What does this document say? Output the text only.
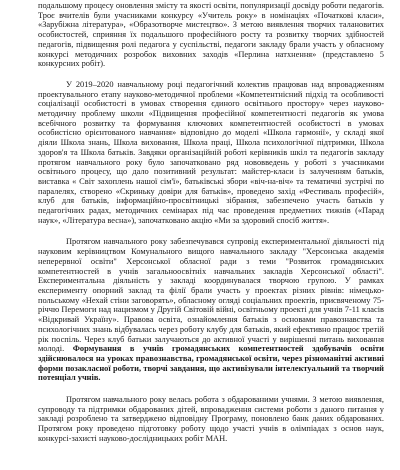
подальшому процесу оновлення змісту та якості освіти, популяризації досвіду роботи педагогів. Троє вчителів були учасниками конкурсу «Учитель року» в номінаціях «Початкові класи», «Зарубіжна література», «Образотворче мистецтво». З метою виявлення творчих талановитих особистостей, сприяння їх подальшого професійного росту та розвитку творчих здібностей педагогів, підвищення ролі педагога у суспільстві, педагоги закладу брали участь у обласному конкурсі методичних розробок виховних заходів «Перлина натхнення» (представлено 5 конкурсних робіт).

У 2019–2020 навчальному році педагогічний колектив працював над впровадженням проектувального етапу науково-методичної проблеми «Компетентнісний підхід та особливості соціалізації особистості в умовах створення єдиного освітнього простору» через науково-методичну проблему школи «Підвищення професійної компетентності педагогів як умова всебічного розвитку та формування ключових компетентностей особистості в умовах особистісно орієнтованого навчання» відповідно до моделі «Школа гармонії», у складі якої діяли Школа знань, Школа виховання, Школа праці, Школа психологічної підтримки, Школа здоров'я та Школа батьків. Завдяки організаційній роботі керівників шкіл та педагогів закладу протягом навчального року було започатковано ряд нововведень у роботі з учасниками освітнього процесу, що дало позитивний результат: майстер-класи із залученням батьків, виставка « Світ захоплень нашої сім'ї», батьківські збори «віч-на-віч» та тематичні зустрічі по паралелях, створено «Скриньку довіри для батьків», проведено захід «Фестиваль професій», клуб для батьків, інформаційно-просвітницькі зібрання, забезпечено участь батьків у педагогічних радах, методичних семінарах під час проведення предметних тижнів («Парад наук», «Література весна»), започатковано акцію «Ми за здоровий спосіб життя».

Протягом навчального року забезпечувався супровід експериментальної діяльності під науковим керівництвом Комунального вищого навчального закладу "Херсонська академія неперервної освіти" Херсонської обласної ради з теми "Розвиток громадянських компетентностей в учнів загальноосвітніх навчальних закладів Херсонської області". Експериментальна діяльність у закладі координувалася творчою групою. У рамках експерименту опорний заклад та філії брали участь у проектах різних рівнів: німецько-польському «Нехай стіни заговорять», обласному огляді соціальних проектів, присвяченому 75-річчю Перемоги над нацизмом у Другій Світовій війні, освітньому проекті для учнів 7-11 класів «Відкривай Україну». Правова освіта, ознайомлення батьків з основами правознавства та психологічних знань відбувалась через роботу клубу для батьків, який ефективно працює третій рік поспіль. Через клуб батьки залучаються до активної участі у вирішенні питань виховання молоді. Формування в учнів громадянських компетентностей здобувачів освіти здійснювалося на уроках правознавства, громадянської освіти, через різноманітні активні форми позакласної роботи, творчі завдання, що активізували інтелектуальний та творчий потенціал учнів.

Протягом навчального року велась робота з обдарованими учнями. З метою виявлення, супроводу та підтримки обдарованих дітей, впровадження системи роботи з даного питання у закладі розроблено та затверджено відповідну Програму, поновлено банк даних обдарованих. Протягом року проведено підготовку роботу щодо участі учнів в олімпіадах з основ наук, конкурсі-захисті науково-дослідницьких робіт МАН.
